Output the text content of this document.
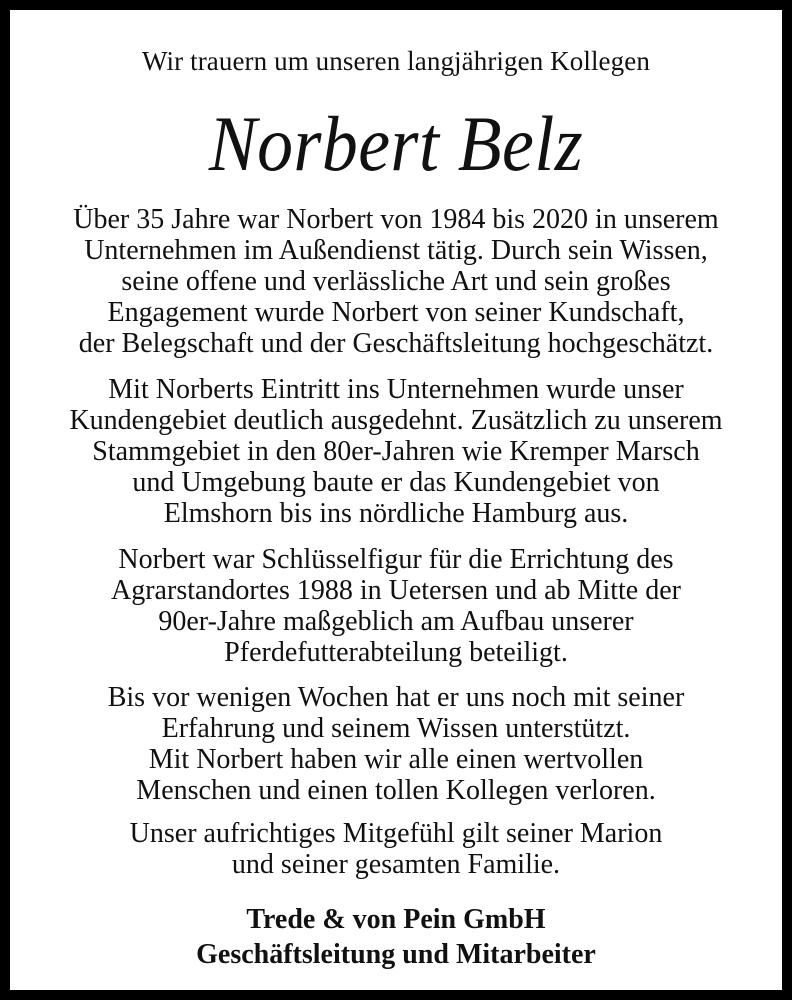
Wir trauern um unseren langjährigen Kollegen
Norbert Belz
Über 35 Jahre war Norbert von 1984 bis 2020 in unserem
Unternehmen im Außendienst tätig. Durch sein Wissen,
seine offene und verlässliche Art und sein großes
Engagement wurde Norbert von seiner Kundschaft,
der Belegschaft und der Geschäftsleitung hochgeschätzt.
Mit Norberts Eintritt ins Unternehmen wurde unser
Kundengebiet deutlich ausgedehnt. Zusätzlich zu unserem
Stammgebiet in den 80er-Jahren wie Kremper Marsch
und Umgebung baute er das Kundengebiet von
Elmshorn bis ins nördliche Hamburg aus.
Norbert war Schlüsselfigur für die Errichtung des
Agrarstandortes 1988 in Uetersen und ab Mitte der
90er-Jahre maßgeblich am Aufbau unserer
Pferdefutterabteilung beteiligt.
Bis vor wenigen Wochen hat er uns noch mit seiner
Erfahrung und seinem Wissen unterstützt.
Mit Norbert haben wir alle einen wertvollen
Menschen und einen tollen Kollegen verloren.
Unser aufrichtiges Mitgefühl gilt seiner Marion
und seiner gesamten Familie.
Trede & von Pein GmbH
Geschäftsleitung und Mitarbeiter
